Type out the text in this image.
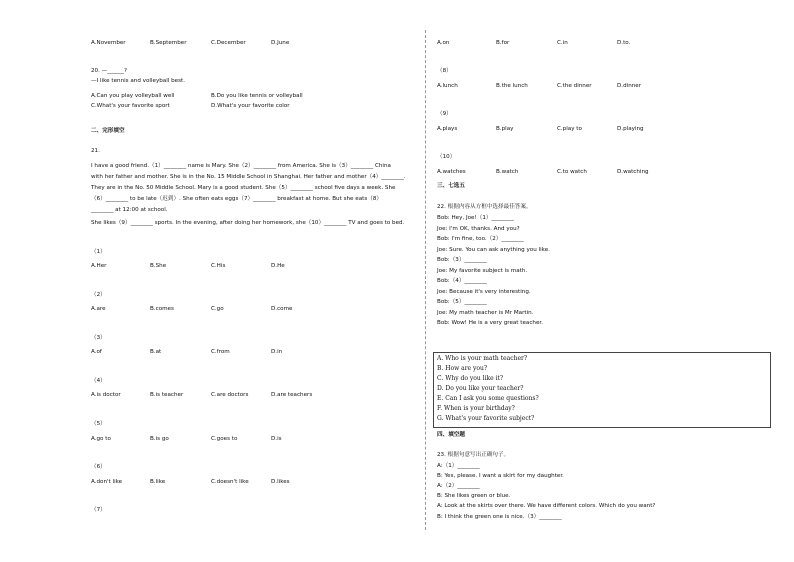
A.November	B.September	C.December	D.June
20. —______?
—I like tennis and volleyball best.
A.Can you play volleyball well	B.Do you like tennis or volleyball
C.What's your favorite sport	D.What's your favorite color
二、完形填空
21.
I have a good friend.（1）________ name is Mary. She（2）________ from America. She is（3）________ China
with her father and mother. She is in the No. 15 Middle School in Shanghai. Her father and mother（4）________.
They are in the No. 50 Middle School. Mary is a good student. She（5）________ school five days a week. She
（6）________ to be late（迟到）. She often eats eggs（7）________ breakfast at home. But she eats（8）
________ at 12:00 at school.
She likes（9）________ sports. In the evening, after doing her homework, she（10）________ TV and goes to bed.
（1）
A.Her	B.She	C.His	D.He
（2）
A.are	B.comes	C.go	D.come
（3）
A.of	B.at	C.from	D.in
（4）
A.is doctor	B.is teacher	C.are doctors	D.are teachers
（5）
A.go to	B.is go	C.goes to	D.is
（6）
A.don't like	B.like	C.doesn't like	D.likes
（7）
A.on	B.for	C.in	D.to.
（8）
A.lunch	B.the lunch	C.the dinner	D.dinner
（9）
A.plays	B.play	C.play to	D.playing
（10）
A.watches	B.watch	C.to watch	D.watching
三、七选五
22. 根据内容从方框中选择最佳答案。
Bob: Hey, Joe!（1）________
Joe: I'm OK, thanks. And you?
Bob: I'm fine, too.（2）________
Joe: Sure. You can ask anything you like.
Bob:（3）________
Joe: My favorite subject is math.
Bob:（4）________
Joe: Because it's very interesting.
Bob:（5）________
Joe: My math teacher is Mr Martin.
Bob: Wow! He is a very great teacher.
A. Who is your math teacher?
B. How are you?
C. Why do you like it?
D. Do you like your teacher?
E. Can I ask you some questions?
F. When is your birthday?
G. What's your favorite subject?
四、填空题
23. 根据句意写出正确句子。
A:（1）________
B: Yes, please. I want a skirt for my daughter.
A:（2）________
B: She likes green or blue.
A: Look at the skirts over there. We have different colors. Which do you want?
B: I think the green one is nice.（3）________
